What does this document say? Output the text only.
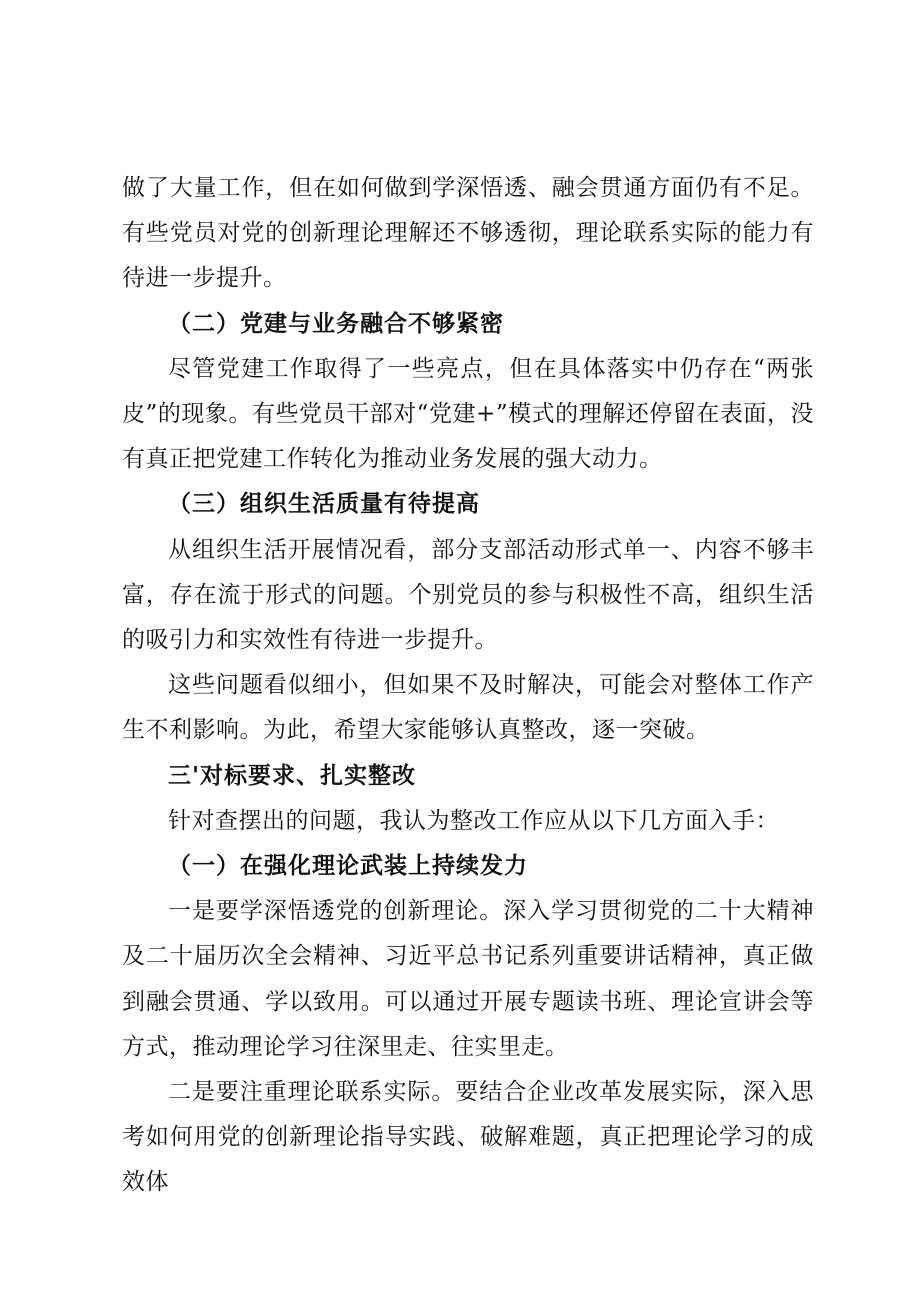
做了大量工作，但在如何做到学深悟透、融会贯通方面仍有不足。有些党员对党的创新理论理解还不够透彻，理论联系实际的能力有待进一步提升。

（二）党建与业务融合不够紧密

尽管党建工作取得了一些亮点，但在具体落实中仍存在“两张皮”的现象。有些党员干部对“党建+”模式的理解还停留在表面，没有真正把党建工作转化为推动业务发展的强大动力。

（三）组织生活质量有待提高

从组织生活开展情况看，部分支部活动形式单一、内容不够丰富，存在流于形式的问题。个别党员的参与积极性不高，组织生活的吸引力和实效性有待进一步提升。

这些问题看似细小，但如果不及时解决，可能会对整体工作产生不利影响。为此，希望大家能够认真整改，逐一突破。

三'对标要求、扎实整改

针对查摆出的问题，我认为整改工作应从以下几方面入手：

（一）在强化理论武装上持续发力

一是要学深悟透党的创新理论。深入学习贯彻党的二十大精神及二十届历次全会精神、习近平总书记系列重要讲话精神，真正做到融会贯通、学以致用。可以通过开展专题读书班、理论宣讲会等方式，推动理论学习往深里走、往实里走。

二是要注重理论联系实际。要结合企业改革发展实际，深入思考如何用党的创新理论指导实践、破解难题，真正把理论学习的成效体
